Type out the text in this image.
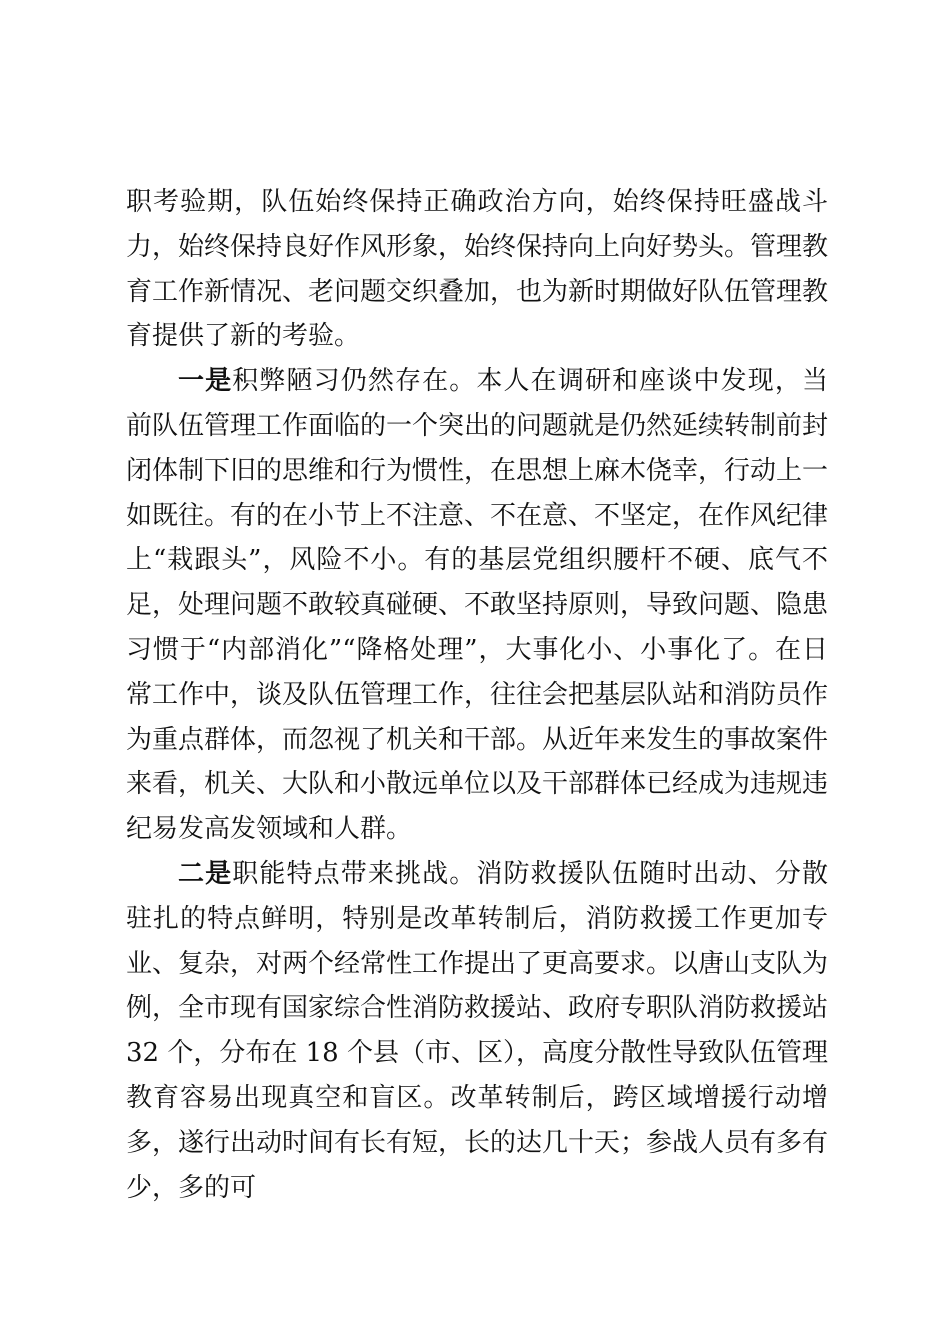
职考验期，队伍始终保持正确政治方向，始终保持旺盛战斗力，始终保持良好作风形象，始终保持向上向好势头。管理教育工作新情况、老问题交织叠加，也为新时期做好队伍管理教育提供了新的考验。

一是积弊陋习仍然存在。本人在调研和座谈中发现，当前队伍管理工作面临的一个突出的问题就是仍然延续转制前封闭体制下旧的思维和行为惯性，在思想上麻木侥幸，行动上一如既往。有的在小节上不注意、不在意、不坚定，在作风纪律上“栽跟头”，风险不小。有的基层党组织腰杆不硬、底气不足，处理问题不敢较真碰硬、不敢坚持原则，导致问题、隐患习惯于“内部消化”“降格处理”，大事化小、小事化了。在日常工作中，谈及队伍管理工作，往往会把基层队站和消防员作为重点群体，而忽视了机关和干部。从近年来发生的事故案件来看，机关、大队和小散远单位以及干部群体已经成为违规违纪易发高发领域和人群。

二是职能特点带来挑战。消防救援队伍随时出动、分散驻扎的特点鲜明，特别是改革转制后，消防救援工作更加专业、复杂，对两个经常性工作提出了更高要求。以唐山支队为例，全市现有国家综合性消防救援站、政府专职队消防救援站 32 个，分布在 18 个县（市、区），高度分散性导致队伍管理教育容易出现真空和盲区。改革转制后，跨区域增援行动增多，遂行出动时间有长有短，长的达几十天；参战人员有多有少，多的可
